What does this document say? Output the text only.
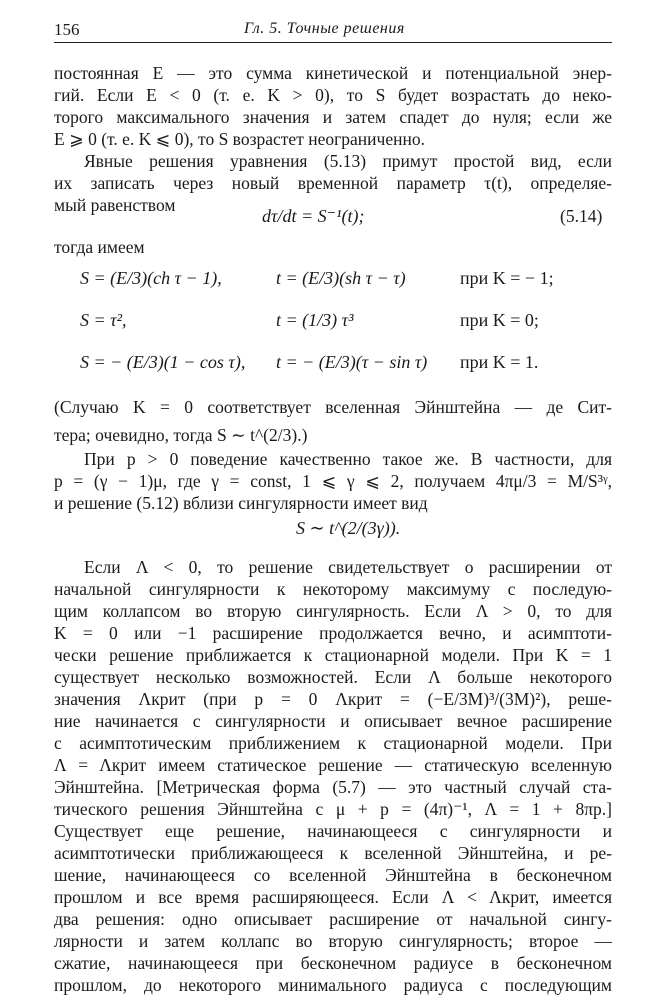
156	Гл. 5. Точные решения
постоянная E — это сумма кинетической и потенциальной энер-
гий. Если E < 0 (т. е. K > 0), то S будет возрастать до неко-
торого максимального значения и затем спадет до нуля; если же
E ⩾ 0 (т. е. K ⩽ 0), то S возрастет неограниченно.
Явные решения уравнения (5.13) примут простой вид, если
их записать через новый временной параметр τ(t), определяе-
мый равенством
dτ/dt = S⁻¹(t);	(5.14)
тогда имеем
S = (E/3)(ch τ − 1),	t = (E/3)(sh τ − τ)	при K = − 1;
S = τ²,	t = (1/3) τ³	при K = 0;
S = − (E/3)(1 − cos τ), t = − (E/3)(τ − sin τ) при K = 1.
(Случаю K = 0 соответствует вселенная Эйнштейна — де Сит-
тера; очевидно, тогда S ∼ t^(2/3).)
При p > 0 поведение качественно такое же. В частности, для
p = (γ − 1)μ, где γ = const, 1 ⩽ γ ⩽ 2, получаем 4πμ/3 = M/S³ᵞ,
и решение (5.12) вблизи сингулярности имеет вид
S ∼ t^(2/(3γ)).
Если Λ < 0, то решение свидетельствует о расширении от
начальной сингулярности к некоторому максимуму с последую-
щим коллапсом во вторую сингулярность. Если Λ > 0, то для
K = 0 или −1 расширение продолжается вечно, и асимптоти-
чески решение приближается к стационарной модели. При K = 1
существует несколько возможностей. Если Λ больше некоторого
значения Λкрит (при p = 0 Λкрит = (−E/3M)³/(3M)²), реше-
ние начинается с сингулярности и описывает вечное расширение
с асимптотическим приближением к стационарной модели. При
Λ = Λкрит имеем статическое решение — статическую вселенную
Эйнштейна. [Метрическая форма (5.7) — это частный случай ста-
тического решения Эйнштейна с μ + p = (4π)⁻¹, Λ = 1 + 8πp.]
Существует еще решение, начинающееся с сингулярности и
асимптотически приближающееся к вселенной Эйнштейна, и ре-
шение, начинающееся со вселенной Эйнштейна в бесконечном
прошлом и все время расширяющееся. Если Λ < Λкрит, имеется
два решения: одно описывает расширение от начальной сингу-
лярности и затем коллапс во вторую сингулярность; второе —
сжатие, начинающееся при бесконечном радиусе в бесконечном
прошлом, до некоторого минимального радиуса с последующим
